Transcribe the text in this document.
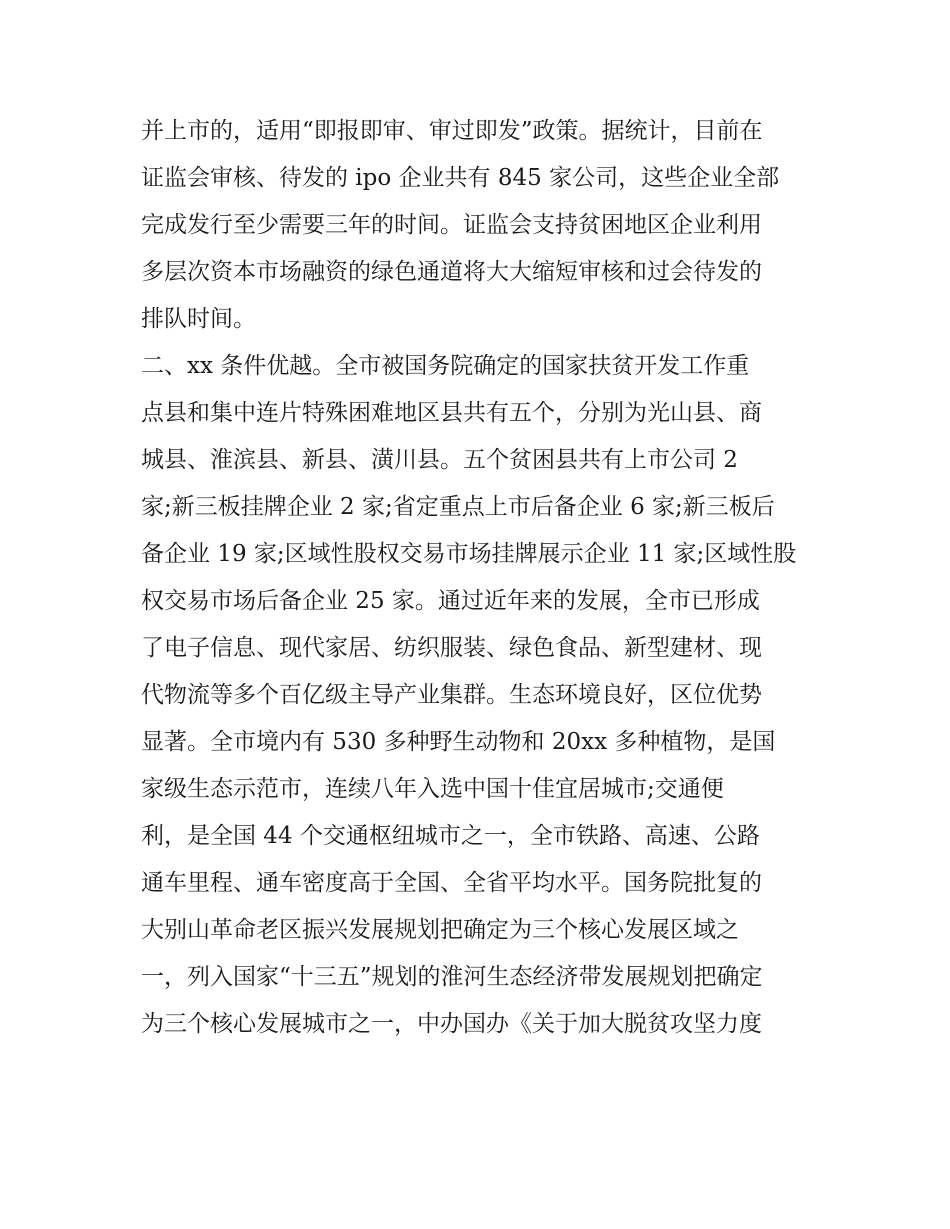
并上市的，适用“即报即审、审过即发”政策。据统计，目前在
证监会审核、待发的 ipo 企业共有 845 家公司，这些企业全部
完成发行至少需要三年的时间。证监会支持贫困地区企业利用
多层次资本市场融资的绿色通道将大大缩短审核和过会待发的
排队时间。
二、xx 条件优越。全市被国务院确定的国家扶贫开发工作重
点县和集中连片特殊困难地区县共有五个，分别为光山县、商
城县、淮滨县、新县、潢川县。五个贫困县共有上市公司 2
家;新三板挂牌企业 2 家;省定重点上市后备企业 6 家;新三板后
备企业 19 家;区域性股权交易市场挂牌展示企业 11 家;区域性股
权交易市场后备企业 25 家。通过近年来的发展，全市已形成
了电子信息、现代家居、纺织服装、绿色食品、新型建材、现
代物流等多个百亿级主导产业集群。生态环境良好，区位优势
显著。全市境内有 530 多种野生动物和 20xx 多种植物，是国
家级生态示范市，连续八年入选中国十佳宜居城市;交通便
利，是全国 44 个交通枢纽城市之一，全市铁路、高速、公路
通车里程、通车密度高于全国、全省平均水平。国务院批复的
大别山革命老区振兴发展规划把确定为三个核心发展区域之
一，列入国家“十三五”规划的淮河生态经济带发展规划把确定
为三个核心发展城市之一，中办国办《关于加大脱贫攻坚力度
